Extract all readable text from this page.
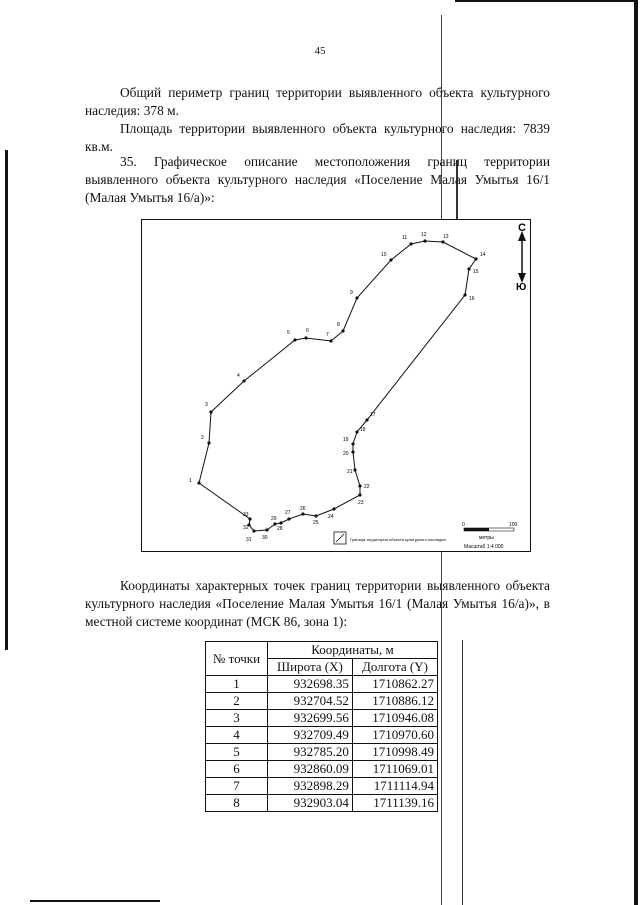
45
Общий периметр границ территории выявленного объекта культурного наследия: 378 м.
Площадь территории выявленного объекта культурного наследия: 7839 кв.м.
35. Графическое описание местоположения границ территории выявленного объекта культурного наследия «Поселение Малая Умытья 16/1 (Малая Умытья 16/а)»:
1
2
3
4
5	6
7
8
9
10
11	12	13
14
15
16
17
18
19
20
21
22
23
24
25
26
27
28
29
30
31
32
33
С
Ю
Граница территории объекта культурного наследия
0	100
метры
Масштаб 1:4 000
Координаты характерных точек границ территории выявленного объекта культурного наследия «Поселение Малая Умытья 16/1 (Малая Умытья 16/а)», в местной системе координат (МСК 86, зона 1):
№ точки	Координаты, м	
	Широта (X)	Долгота (Y)
1	932698.35	1710862.27
2	932704.52	1710886.12
3	932699.56	1710946.08
4	932709.49	1710970.60
5	932785.20	1710998.49
6	932860.09	1711069.01
7	932898.29	1711114.94
8	932903.04	1711139.16
